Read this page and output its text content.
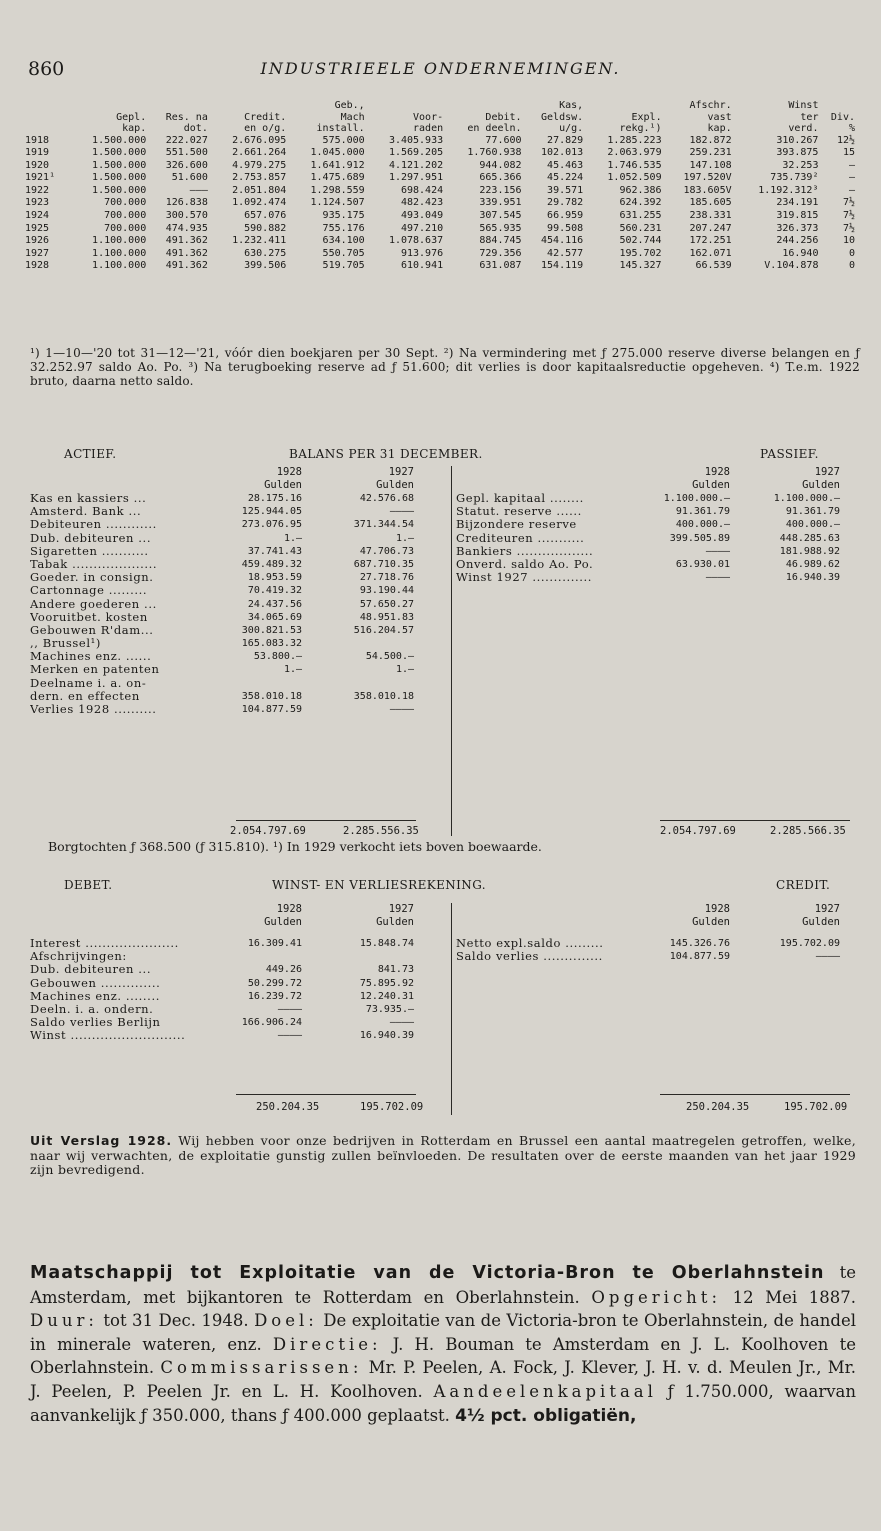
860	INDUSTRIEELE ONDERNEMINGEN.
				Geb.,			Kas,		Afschr.	Winst	
	Gepl.	Res. na	Credit.	Mach	Voor-	Debit.	Geldsw.	Expl.	vast	ter	Div.
	kap.	dot.	en o/g.	install.	raden	en deeln.	u/g.	rekg.¹)	kap.	verd.	%
1918	1.500.000	222.027	2.676.095	575.000	3.405.933	77.600	27.829	1.285.223	182.872	310.267	12½
1919	1.500.000	551.500	2.661.264	1.045.000	1.569.205	1.760.938	102.013	2.063.979	259.231	393.875	15
1920	1.500.000	326.600	4.979.275	1.641.912	4.121.202	944.082	45.463	1.746.535	147.108	32.253	—
1921¹	1.500.000	51.600	2.753.857	1.475.689	1.297.951	665.366	45.224	1.052.509	197.520V	735.739²	—
1922	1.500.000	———	2.051.804	1.298.559	698.424	223.156	39.571	962.386	183.605V	1.192.312³	—
1923	700.000	126.838	1.092.474	1.124.507	482.423	339.951	29.782	624.392	185.605	234.191	7½
1924	700.000	300.570	657.076	935.175	493.049	307.545	66.959	631.255	238.331	319.815	7½
1925	700.000	474.935	590.882	755.176	497.210	565.935	99.508	560.231	207.247	326.373	7½
1926	1.100.000	491.362	1.232.411	634.100	1.078.637	884.745	454.116	502.744	172.251	244.256	10
1927	1.100.000	491.362	630.275	550.705	913.976	729.356	42.577	195.702	162.071	16.940	0
1928	1.100.000	491.362	399.506	519.705	610.941	631.087	154.119	145.327	66.539	V.104.878	0
¹) 1—10—'20 tot 31—12—'21, vóór dien boekjaren per 30 Sept. ²) Na vermindering met ƒ 275.000 reserve diverse belangen en ƒ 32.252.97 saldo Ao. Po. ³) Na terugboeking reserve ad ƒ 51.600; dit verlies is door kapitaalsreductie opgeheven. ⁴) T.e.m. 1922 bruto, daarna netto saldo.
ACTIEF.	BALANS PER 31 DECEMBER.	PASSIEF.
1928
Gulden
1927
Gulden
1928
Gulden
1927
Gulden
Kas en kassiers ...	28.175.16	42.576.68
Amsterd. Bank ...	125.944.05	————
Debiteuren ............	273.076.95	371.344.54
Dub. debiteuren ...	1.—	1.—
Sigaretten ...........	37.741.43	47.706.73
Tabak ....................	459.489.32	687.710.35
Goeder. in consign.	18.953.59	27.718.76
Cartonnage .........	70.419.32	93.190.44
Andere goederen ...	24.437.56	57.650.27
Vooruitbet. kosten	34.065.69	48.951.83
Gebouwen R'dam...	300.821.53	516.204.57
,, Brussel¹)	165.083.32
Machines enz. ......	53.800.—	54.500.—
Merken en patenten	1.—	1.—
Deelname i. a. on-
dern. en effecten	358.010.18	358.010.18
Verlies 1928 ..........	104.877.59	————
Gepl. kapitaal ........	1.100.000.—	1.100.000.—
Statut. reserve ......	91.361.79	91.361.79
Bijzondere reserve	400.000.—	400.000.—
Crediteuren ...........	399.505.89	448.285.63
Bankiers ..................	————	181.988.92
Onverd. saldo Ao. Po.	63.930.01	46.989.62
Winst 1927 ..............	————	16.940.39
2.054.797.69	2.285.556.35	2.054.797.69	2.285.566.35
Borgtochten ƒ 368.500 (ƒ 315.810). ¹) In 1929 verkocht iets boven boewaarde.
DEBET.	WINST- EN VERLIESREKENING.	CREDIT.
1928
Gulden
1927
Gulden
1928
Gulden
1927
Gulden
Interest ......................	16.309.41	15.848.74
Afschrijvingen:
Dub. debiteuren ...	449.26	841.73
Gebouwen ..............	50.299.72	75.895.92
Machines enz. ........	16.239.72	12.240.31
Deeln. i. a. ondern.	————	73.935.—
Saldo verlies Berlijn	166.906.24	————
Winst ...........................	————	16.940.39
Netto expl.saldo .........	145.326.76	195.702.09
Saldo verlies ..............	104.877.59	————
250.204.35	195.702.09	250.204.35	195.702.09
Uit Verslag 1928. Wij hebben voor onze bedrijven in Rotterdam en Brussel een aantal maatregelen getroffen, welke, naar wij verwachten, de exploitatie gunstig zullen beïnvloeden. De resultaten over de eerste maanden van het jaar 1929 zijn bevredigend.
Maatschappij tot Exploitatie van de Victoria-Bron te Oberlahnstein te Amsterdam, met bijkantoren te Rotterdam en Oberlahnstein. Opgericht: 12 Mei 1887. Duur: tot 31 Dec. 1948. Doel: De exploitatie van de Victoria-bron te Oberlahnstein, de handel in minerale wateren, enz. Directie: J. H. Bouman te Amsterdam en J. L. Koolhoven te Oberlahnstein. Commissarissen: Mr. P. Peelen, A. Fock, J. Klever, J. H. v. d. Meulen Jr., Mr. J. Peelen, P. Peelen Jr. en L. H. Koolhoven. Aandeelenkapitaal ƒ 1.750.000, waarvan aanvankelijk ƒ 350.000, thans ƒ 400.000 geplaatst. 4½ pct. obligatiën,
